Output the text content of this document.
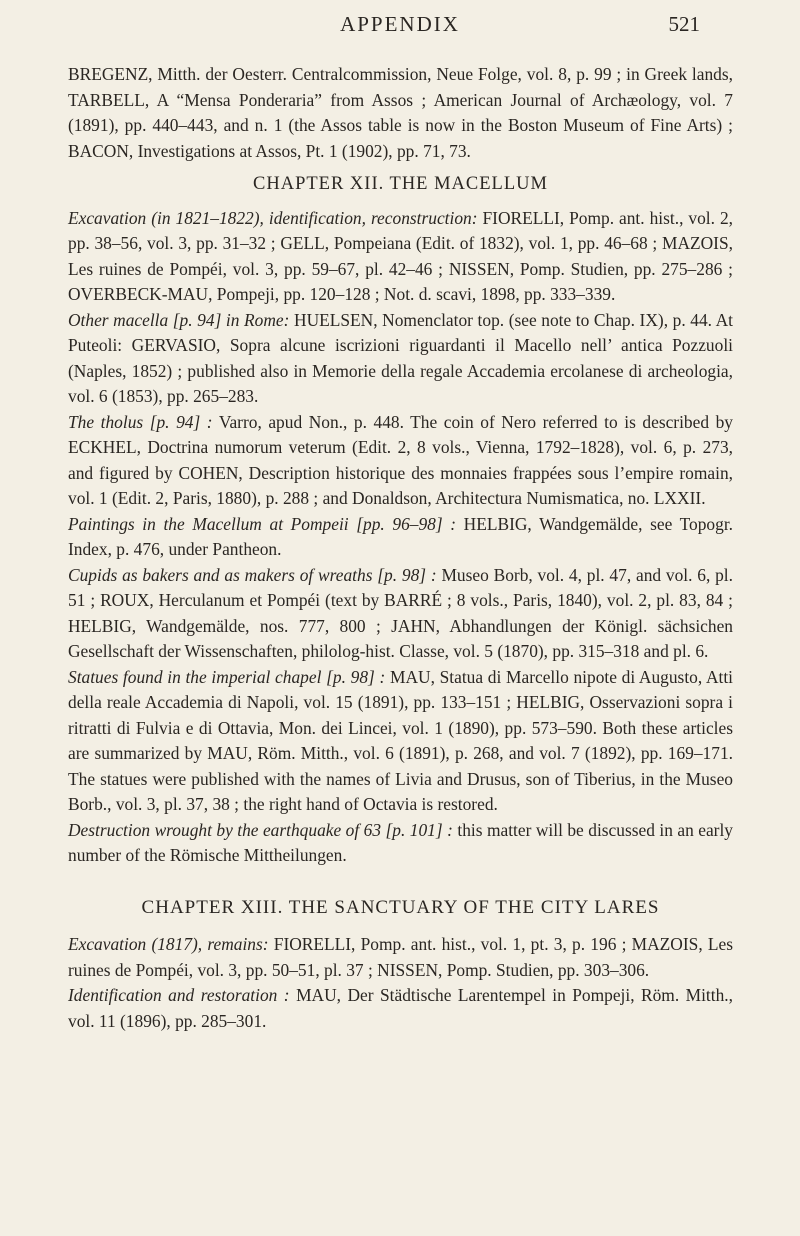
APPENDIX	521

BREGENZ, Mitth. der Oesterr. Centralcommission, Neue Folge, vol. 8, p. 99 ; in Greek lands, TARBELL, A “Mensa Ponderaria” from Assos ; American Journal of Archæology, vol. 7 (1891), pp. 440–443, and n. 1 (the Assos table is now in the Boston Museum of Fine Arts) ; BACON, Investigations at Assos, Pt. 1 (1902), pp. 71, 73.

CHAPTER XII. THE MACELLUM

Excavation (in 1821–1822), identification, reconstruction: FIORELLI, Pomp. ant. hist., vol. 2, pp. 38–56, vol. 3, pp. 31–32 ; GELL, Pompeiana (Edit. of 1832), vol. 1, pp. 46–68 ; MAZOIS, Les ruines de Pompéi, vol. 3, pp. 59–67, pl. 42–46 ; NISSEN, Pomp. Studien, pp. 275–286 ; OVERBECK-MAU, Pompeji, pp. 120–128 ; Not. d. scavi, 1898, pp. 333–339.

Other macella [p. 94] in Rome: HUELSEN, Nomenclator top. (see note to Chap. IX), p. 44. At Puteoli: GERVASIO, Sopra alcune iscrizioni riguardanti il Macello nell’ antica Pozzuoli (Naples, 1852) ; published also in Memorie della regale Accademia ercolanese di archeologia, vol. 6 (1853), pp. 265–283.

The tholus [p. 94] : Varro, apud Non., p. 448. The coin of Nero referred to is described by ECKHEL, Doctrina numorum veterum (Edit. 2, 8 vols., Vienna, 1792–1828), vol. 6, p. 273, and figured by COHEN, Description historique des monnaies frappées sous l’empire romain, vol. 1 (Edit. 2, Paris, 1880), p. 288 ; and Donaldson, Architectura Numismatica, no. LXXII.

Paintings in the Macellum at Pompeii [pp. 96–98] : HELBIG, Wandgemälde, see Topogr. Index, p. 476, under Pantheon.

Cupids as bakers and as makers of wreaths [p. 98] : Museo Borb, vol. 4, pl. 47, and vol. 6, pl. 51 ; ROUX, Herculanum et Pompéi (text by BARRÉ ; 8 vols., Paris, 1840), vol. 2, pl. 83, 84 ; HELBIG, Wandgemälde, nos. 777, 800 ; JAHN, Abhandlungen der Königl. sächsichen Gesellschaft der Wissenschaften, philolog-hist. Classe, vol. 5 (1870), pp. 315–318 and pl. 6.

Statues found in the imperial chapel [p. 98] : MAU, Statua di Marcello nipote di Augusto, Atti della reale Accademia di Napoli, vol. 15 (1891), pp. 133–151 ; HELBIG, Osservazioni sopra i ritratti di Fulvia e di Ottavia, Mon. dei Lincei, vol. 1 (1890), pp. 573–590. Both these articles are summarized by MAU, Röm. Mitth., vol. 6 (1891), p. 268, and vol. 7 (1892), pp. 169–171. The statues were published with the names of Livia and Drusus, son of Tiberius, in the Museo Borb., vol. 3, pl. 37, 38 ; the right hand of Octavia is restored.

Destruction wrought by the earthquake of 63 [p. 101] : this matter will be discussed in an early number of the Römische Mittheilungen.

CHAPTER XIII. THE SANCTUARY OF THE CITY LARES

Excavation (1817), remains: FIORELLI, Pomp. ant. hist., vol. 1, pt. 3, p. 196 ; MAZOIS, Les ruines de Pompéi, vol. 3, pp. 50–51, pl. 37 ; NISSEN, Pomp. Studien, pp. 303–306.

Identification and restoration : MAU, Der Städtische Larentempel in Pompeji, Röm. Mitth., vol. 11 (1896), pp. 285–301.
